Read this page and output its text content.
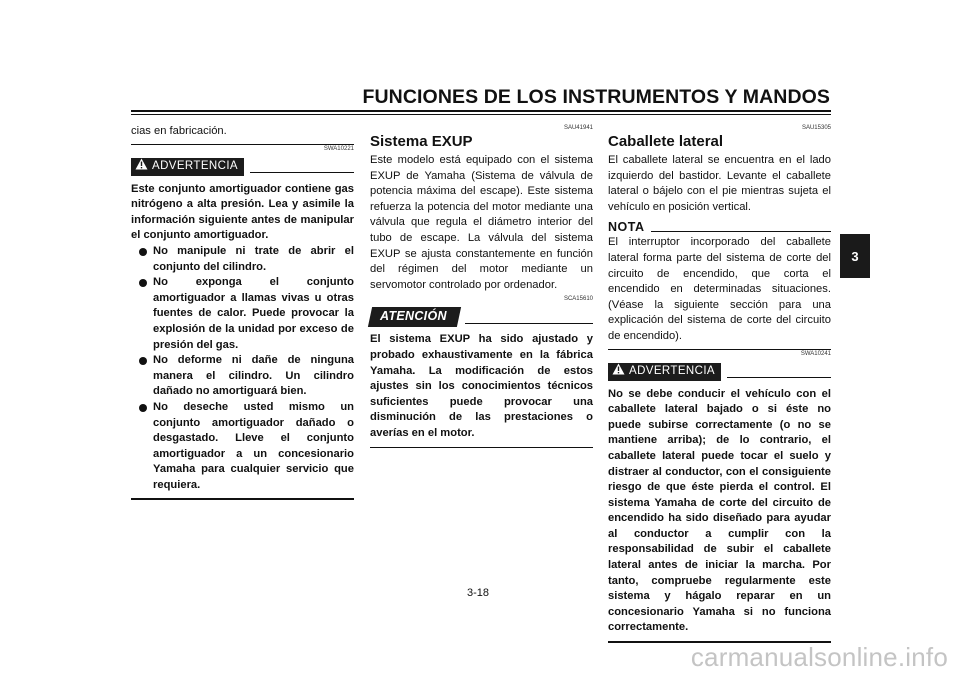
FUNCIONES DE LOS INSTRUMENTOS Y MANDOS
3
cias en fabricación.
SWA10221
ADVERTENCIA
Este conjunto amortiguador contiene gas nitrógeno a alta presión. Lea y asimile la información siguiente antes de manipular el conjunto amortiguador.
No manipule ni trate de abrir el conjunto del cilindro.
No exponga el conjunto amortiguador a llamas vivas u otras fuentes de calor. Puede provocar la explosión de la unidad por exceso de presión del gas.
No deforme ni dañe de ninguna manera el cilindro. Un cilindro dañado no amortiguará bien.
No deseche usted mismo un conjunto amortiguador dañado o desgastado. Lleve el conjunto amortiguador a un concesionario Yamaha para cualquier servicio que requiera.
SAU41941
Sistema EXUP
Este modelo está equipado con el sistema EXUP de Yamaha (Sistema de válvula de potencia máxima del escape). Este sistema refuerza la potencia del motor mediante una válvula que regula el diámetro interior del tubo de escape. La válvula del sistema EXUP se ajusta constantemente en función del régimen del motor mediante un servomotor controlado por ordenador.
SCA15610
ATENCIÓN
El sistema EXUP ha sido ajustado y probado exhaustivamente en la fábrica Yamaha. La modificación de estos ajustes sin los conocimientos técnicos suficientes puede provocar una disminución de las prestaciones o averías en el motor.
SAU15305
Caballete lateral
El caballete lateral se encuentra en el lado izquierdo del bastidor. Levante el caballete lateral o bájelo con el pie mientras sujeta el vehículo en posición vertical.
NOTA
El interruptor incorporado del caballete lateral forma parte del sistema de corte del circuito de encendido, que corta el encendido en determinadas situaciones. (Véase la siguiente sección para una explicación del sistema de corte del circuito de encendido).
SWA10241
ADVERTENCIA
No se debe conducir el vehículo con el caballete lateral bajado o si éste no puede subirse correctamente (o no se mantiene arriba); de lo contrario, el caballete lateral puede tocar el suelo y distraer al conductor, con el consiguiente riesgo de que éste pierda el control. El sistema Yamaha de corte del circuito de encendido ha sido diseñado para ayudar al conductor a cumplir con la responsabilidad de subir el caballete lateral antes de iniciar la marcha. Por tanto, compruebe regularmente este sistema y hágalo reparar en un concesionario Yamaha si no funciona correctamente.
3-18
carmanualsonline.info
